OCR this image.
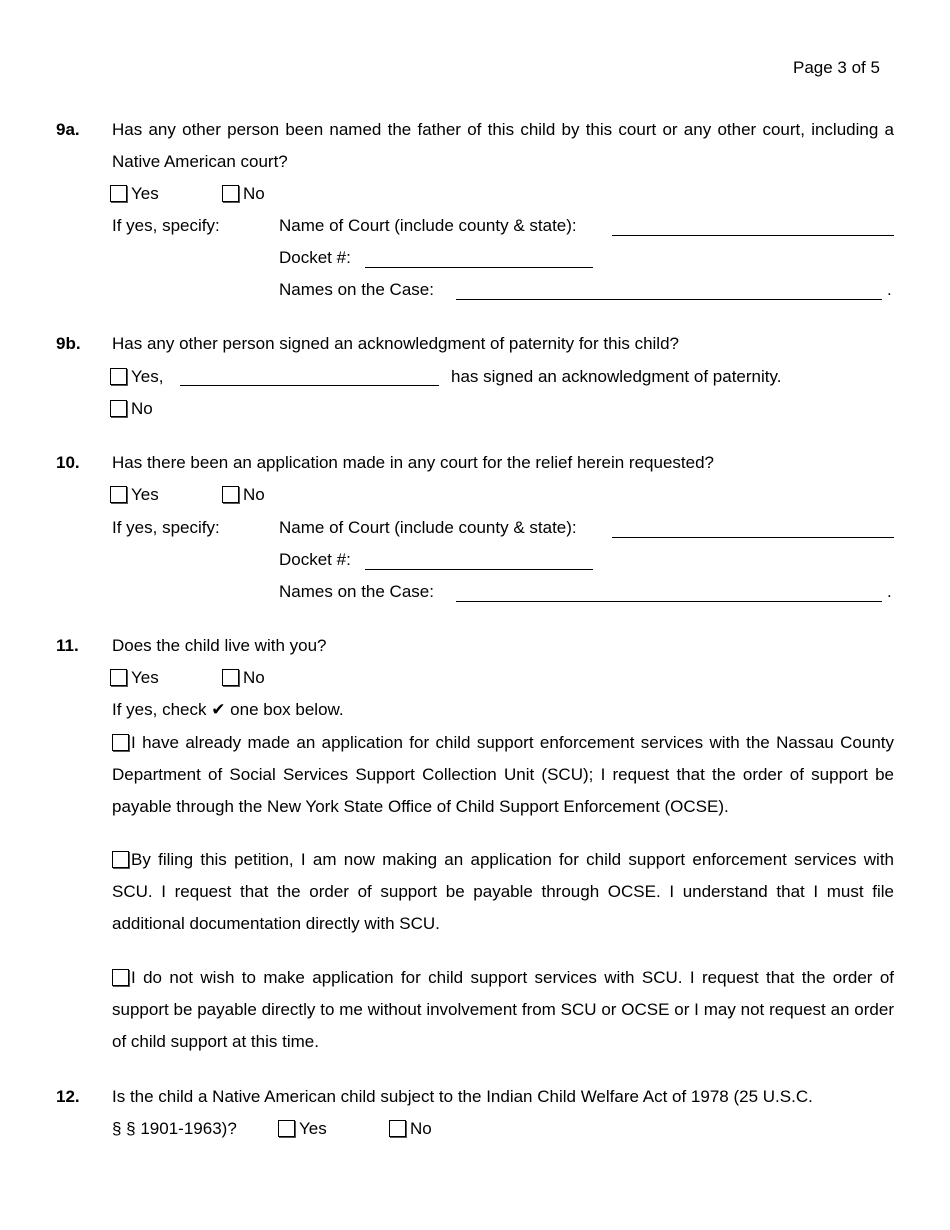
Page 3 of 5
9a. Has any other person been named the father of this child by this court or any other court, including a Native American court?
Yes	No
If yes, specify:	Name of Court (include county & state):
Docket #:
Names on the Case:	.
9b. Has any other person signed an acknowledgment of paternity for this child?
Yes,	has signed an acknowledgment of paternity.
No
10. Has there been an application made in any court for the relief herein requested?
Yes	No
If yes, specify:	Name of Court (include county & state):
Docket #:
Names on the Case:	.
11. Does the child live with you?
Yes	No
If yes, check ✔ one box below.
I have already made an application for child support enforcement services with the Nassau County Department of Social Services Support Collection Unit (SCU); I request that the order of support be payable through the New York State Office of Child Support Enforcement (OCSE).
By filing this petition, I am now making an application for child support enforcement services with SCU. I request that the order of support be payable through OCSE. I understand that I must file additional documentation directly with SCU.
I do not wish to make application for child support services with SCU. I request that the order of support be payable directly to me without involvement from SCU or OCSE or I may not request an order of child support at this time.
12. Is the child a Native American child subject to the Indian Child Welfare Act of 1978 (25 U.S.C.
§ § 1901-1963)?	Yes	No
